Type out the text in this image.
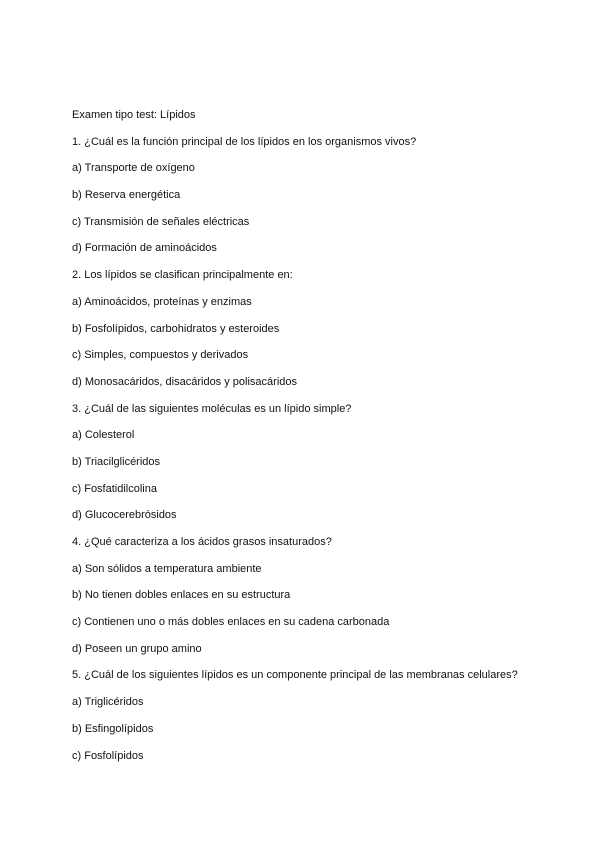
Examen tipo test: Lípidos
1. ¿Cuál es la función principal de los lípidos en los organismos vivos?
a) Transporte de oxígeno
b) Reserva energética
c) Transmisión de señales eléctricas
d) Formación de aminoácidos
2. Los lípidos se clasifican principalmente en:
a) Aminoácidos, proteínas y enzimas
b) Fosfolípidos, carbohidratos y esteroides
c) Simples, compuestos y derivados
d) Monosacáridos, disacáridos y polisacáridos
3. ¿Cuál de las siguientes moléculas es un lípido simple?
a) Colesterol
b) Triacilglicéridos
c) Fosfatidilcolina
d) Glucocerebrósidos
4. ¿Qué caracteriza a los ácidos grasos insaturados?
a) Son sólidos a temperatura ambiente
b) No tienen dobles enlaces en su estructura
c) Contienen uno o más dobles enlaces en su cadena carbonada
d) Poseen un grupo amino
5. ¿Cuál de los siguientes lípidos es un componente principal de las membranas celulares?
a) Triglicéridos
b) Esfingolípidos
c) Fosfolípidos
